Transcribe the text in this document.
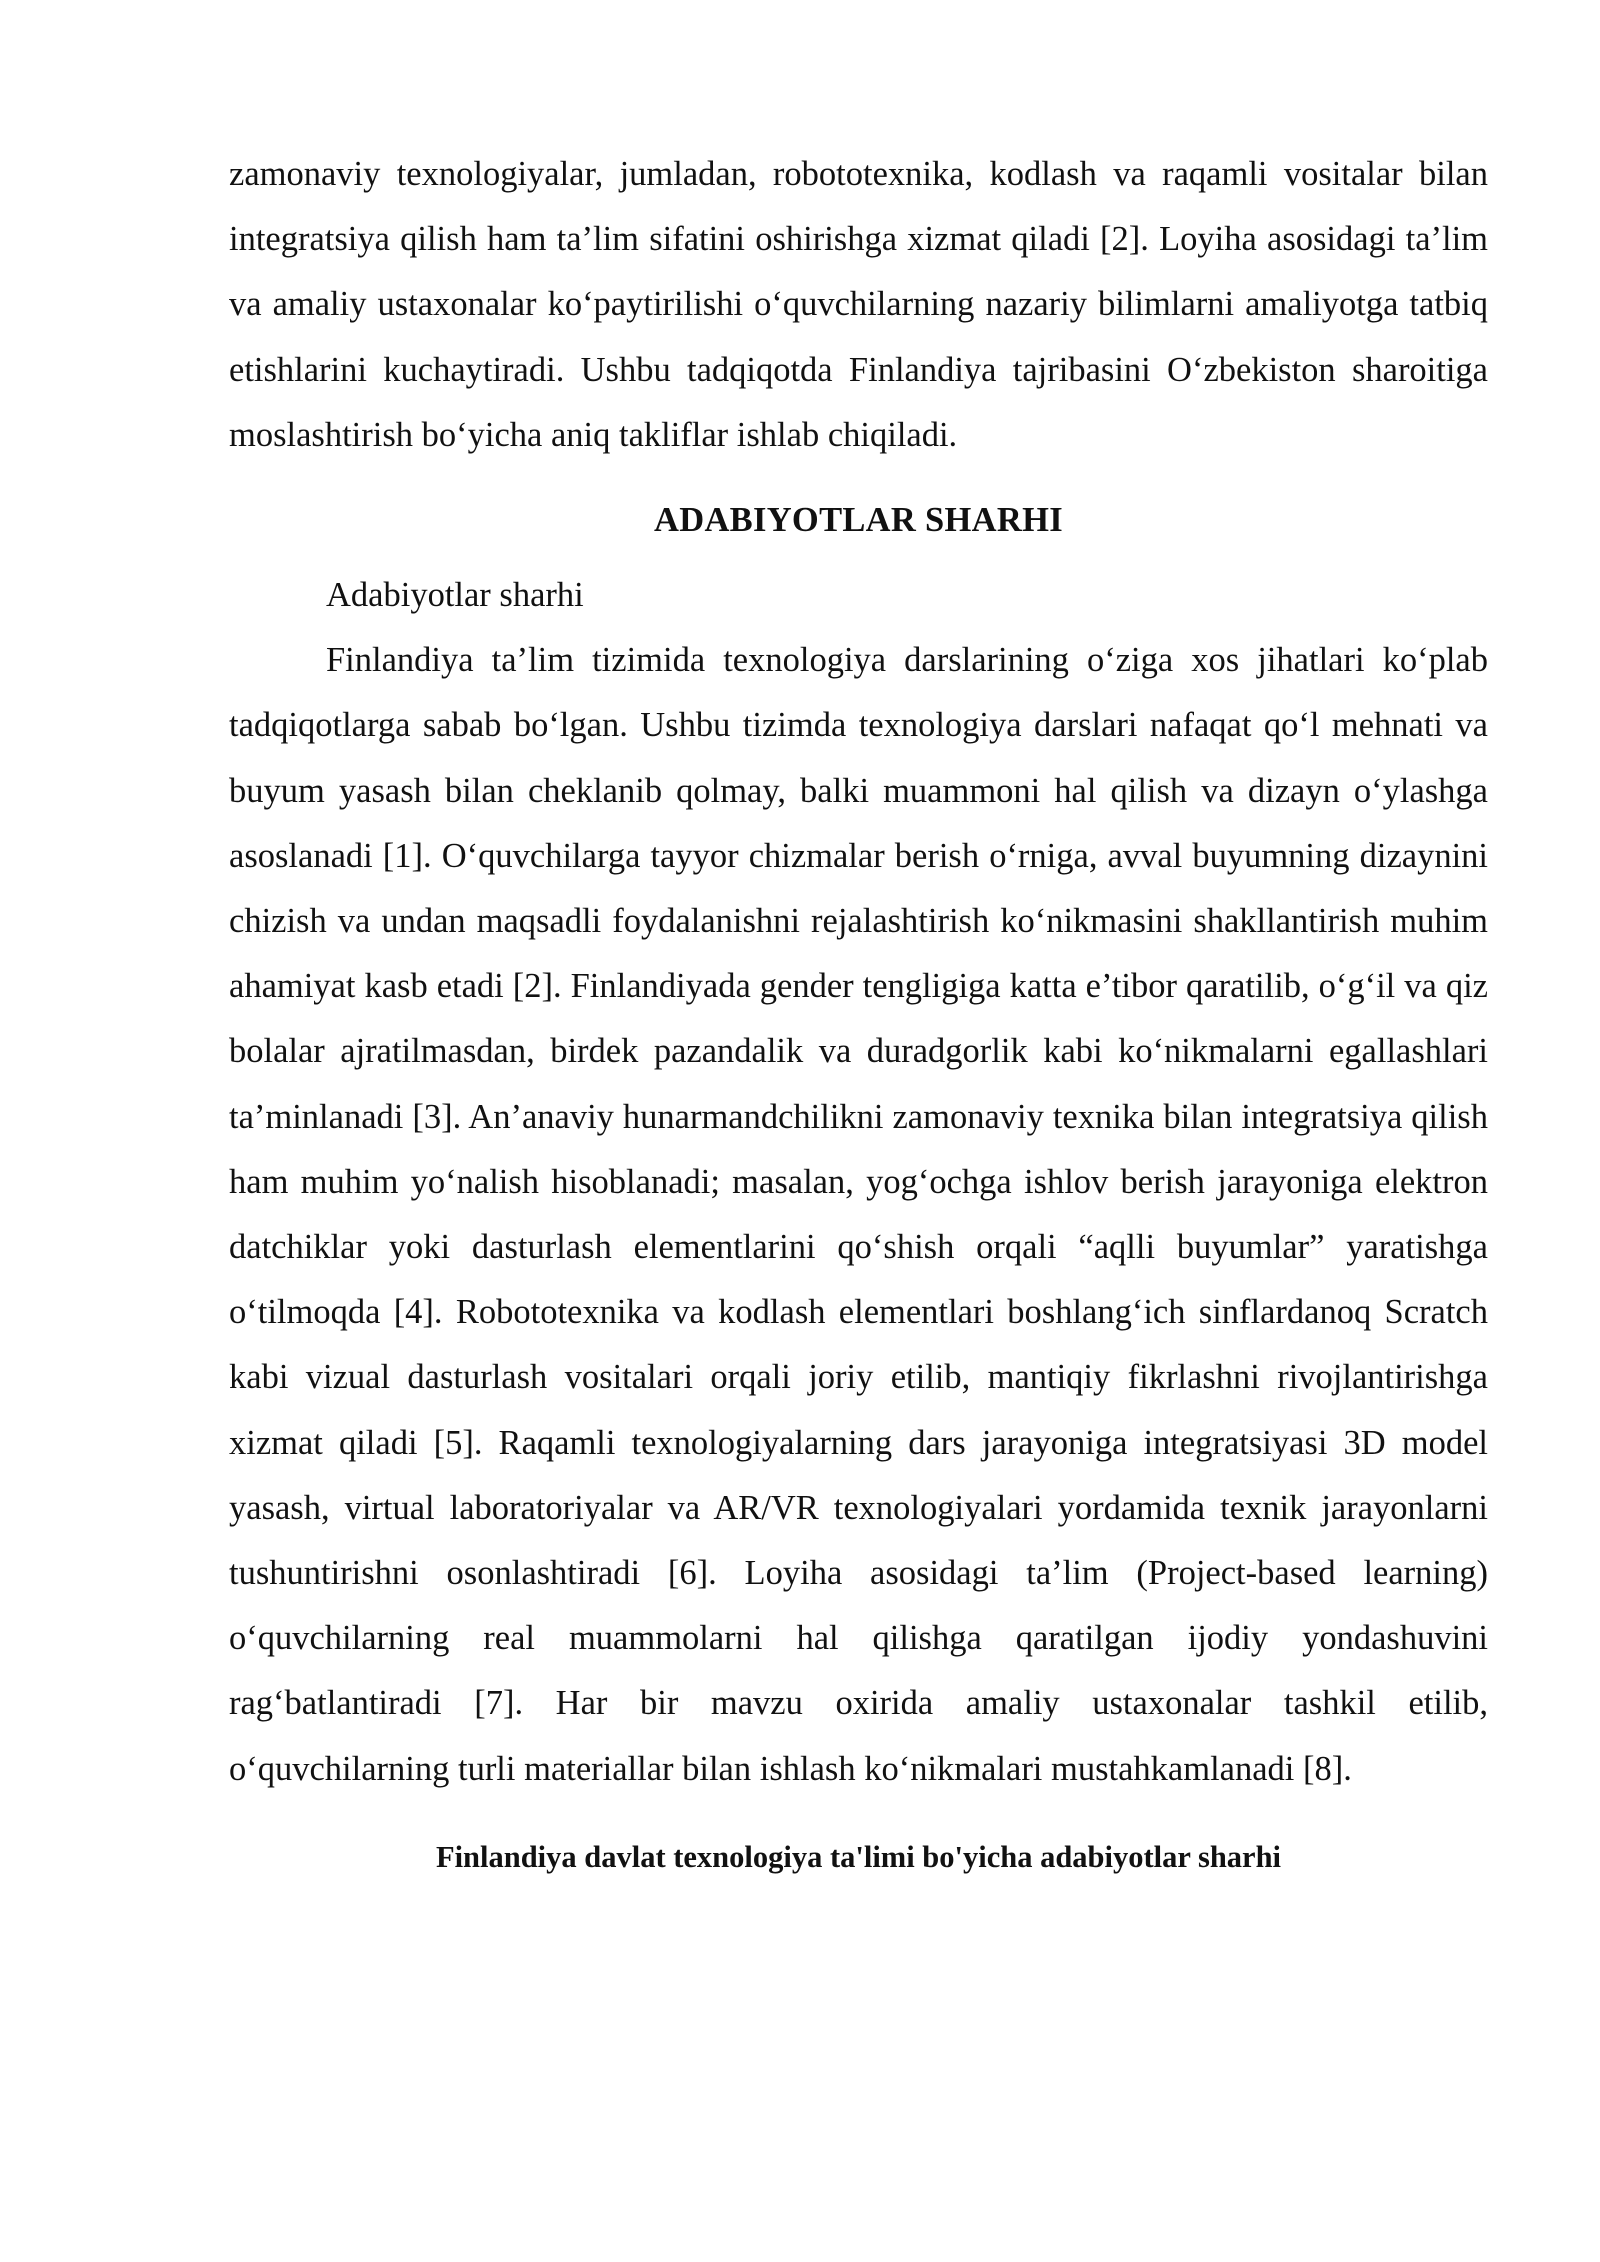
zamonaviy texnologiyalar, jumladan, robototexnika, kodlash va raqamli vositalar bilan integratsiya qilish ham ta’lim sifatini oshirishga xizmat qiladi [2]. Loyiha asosidagi ta’lim va amaliy ustaxonalar ko‘paytirilishi o‘quvchilarning nazariy bilimlarni amaliyotga tatbiq etishlarini kuchaytiradi. Ushbu tadqiqotda Finlandiya tajribasini O‘zbekiston sharoitiga moslashtirish bo‘yicha aniq takliflar ishlab chiqiladi.

ADABIYOTLAR SHARHI

Adabiyotlar sharhi

Finlandiya ta’lim tizimida texnologiya darslarining o‘ziga xos jihatlari ko‘plab tadqiqotlarga sabab bo‘lgan. Ushbu tizimda texnologiya darslari nafaqat qo‘l mehnati va buyum yasash bilan cheklanib qolmay, balki muammoni hal qilish va dizayn o‘ylashga asoslanadi [1]. O‘quvchilarga tayyor chizmalar berish o‘rniga, avval buyumning dizaynini chizish va undan maqsadli foydalanishni rejalashtirish ko‘nikmasini shakllantirish muhim ahamiyat kasb etadi [2]. Finlandiyada gender tengligiga katta e’tibor qaratilib, o‘g‘il va qiz bolalar ajratilmasdan, birdek pazandalik va duradgorlik kabi ko‘nikmalarni egallashlari ta’minlanadi [3]. An’anaviy hunarmandchilikni zamonaviy texnika bilan integratsiya qilish ham muhim yo‘nalish hisoblanadi; masalan, yog‘ochga ishlov berish jarayoniga elektron datchiklar yoki dasturlash elementlarini qo‘shish orqali “aqlli buyumlar” yaratishga o‘tilmoqda [4]. Robototexnika va kodlash elementlari boshlang‘ich sinflardanoq Scratch kabi vizual dasturlash vositalari orqali joriy etilib, mantiqiy fikrlashni rivojlantirishga xizmat qiladi [5]. Raqamli texnologiyalarning dars jarayoniga integratsiyasi 3D model yasash, virtual laboratoriyalar va AR/VR texnologiyalari yordamida texnik jarayonlarni tushuntirishni osonlashtiradi [6]. Loyiha asosidagi ta’lim (Project-based learning) o‘quvchilarning real muammolarni hal qilishga qaratilgan ijodiy yondashuvini rag‘batlantiradi [7]. Har bir mavzu oxirida amaliy ustaxonalar tashkil etilib, o‘quvchilarning turli materiallar bilan ishlash ko‘nikmalari mustahkamlanadi [8].

Finlandiya davlat texnologiya ta'limi bo'yicha adabiyotlar sharhi
